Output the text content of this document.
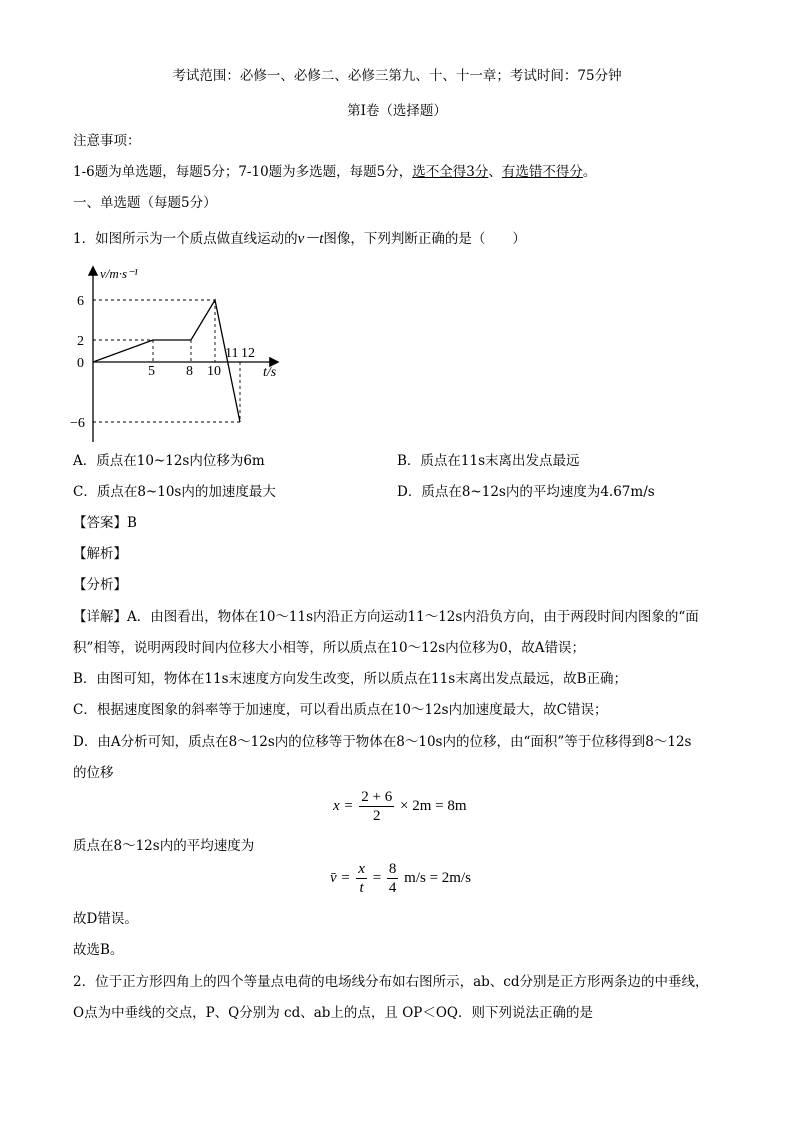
考试范围：必修一、必修二、必修三第九、十、十一章；考试时间：75分钟
第Ⅰ卷（选择题）
注意事项：
1-6题为单选题，每题5分；7-10题为多选题，每题5分，选不全得3分、有选错不得分。
一、单选题（每题5分）
1．如图所示为一个质点做直线运动的v－t图像，下列判断正确的是（　　）
v/m·s⁻¹
6
2
0
−6
5 8 10
11 12
t/s
A．质点在10~12s内位移为6m	B．质点在11s末离出发点最远
C．质点在8~10s内的加速度最大	D．质点在8~12s内的平均速度为4.67m/s
【答案】B
【解析】
【分析】
【详解】A．由图看出，物体在10～11s内沿正方向运动11～12s内沿负方向，由于两段时间内图象的“面
积”相等，说明两段时间内位移大小相等，所以质点在10～12s内位移为0，故A错误；
B．由图可知，物体在11s末速度方向发生改变，所以质点在11s末离出发点最远，故B正确；
C．根据速度图象的斜率等于加速度，可以看出质点在10～12s内加速度最大，故C错误；
D．由A分析可知，质点在8～12s内的位移等于物体在8～10s内的位移，由“面积”等于位移得到8～12s
的位移
$x = \frac{2 + 6}{2} \times 2m = 8m$
质点在8～12s内的平均速度为
v̄ = $\frac{x}{t} = \frac{8}{4} m/s = 2m/s$
故D错误。
故选B。
2．位于正方形四角上的四个等量点电荷的电场线分布如右图所示，ab、cd分别是正方形两条边的中垂线，
O点为中垂线的交点，P、Q分别为 cd、ab上的点，且 OP＜OQ．则下列说法正确的是
